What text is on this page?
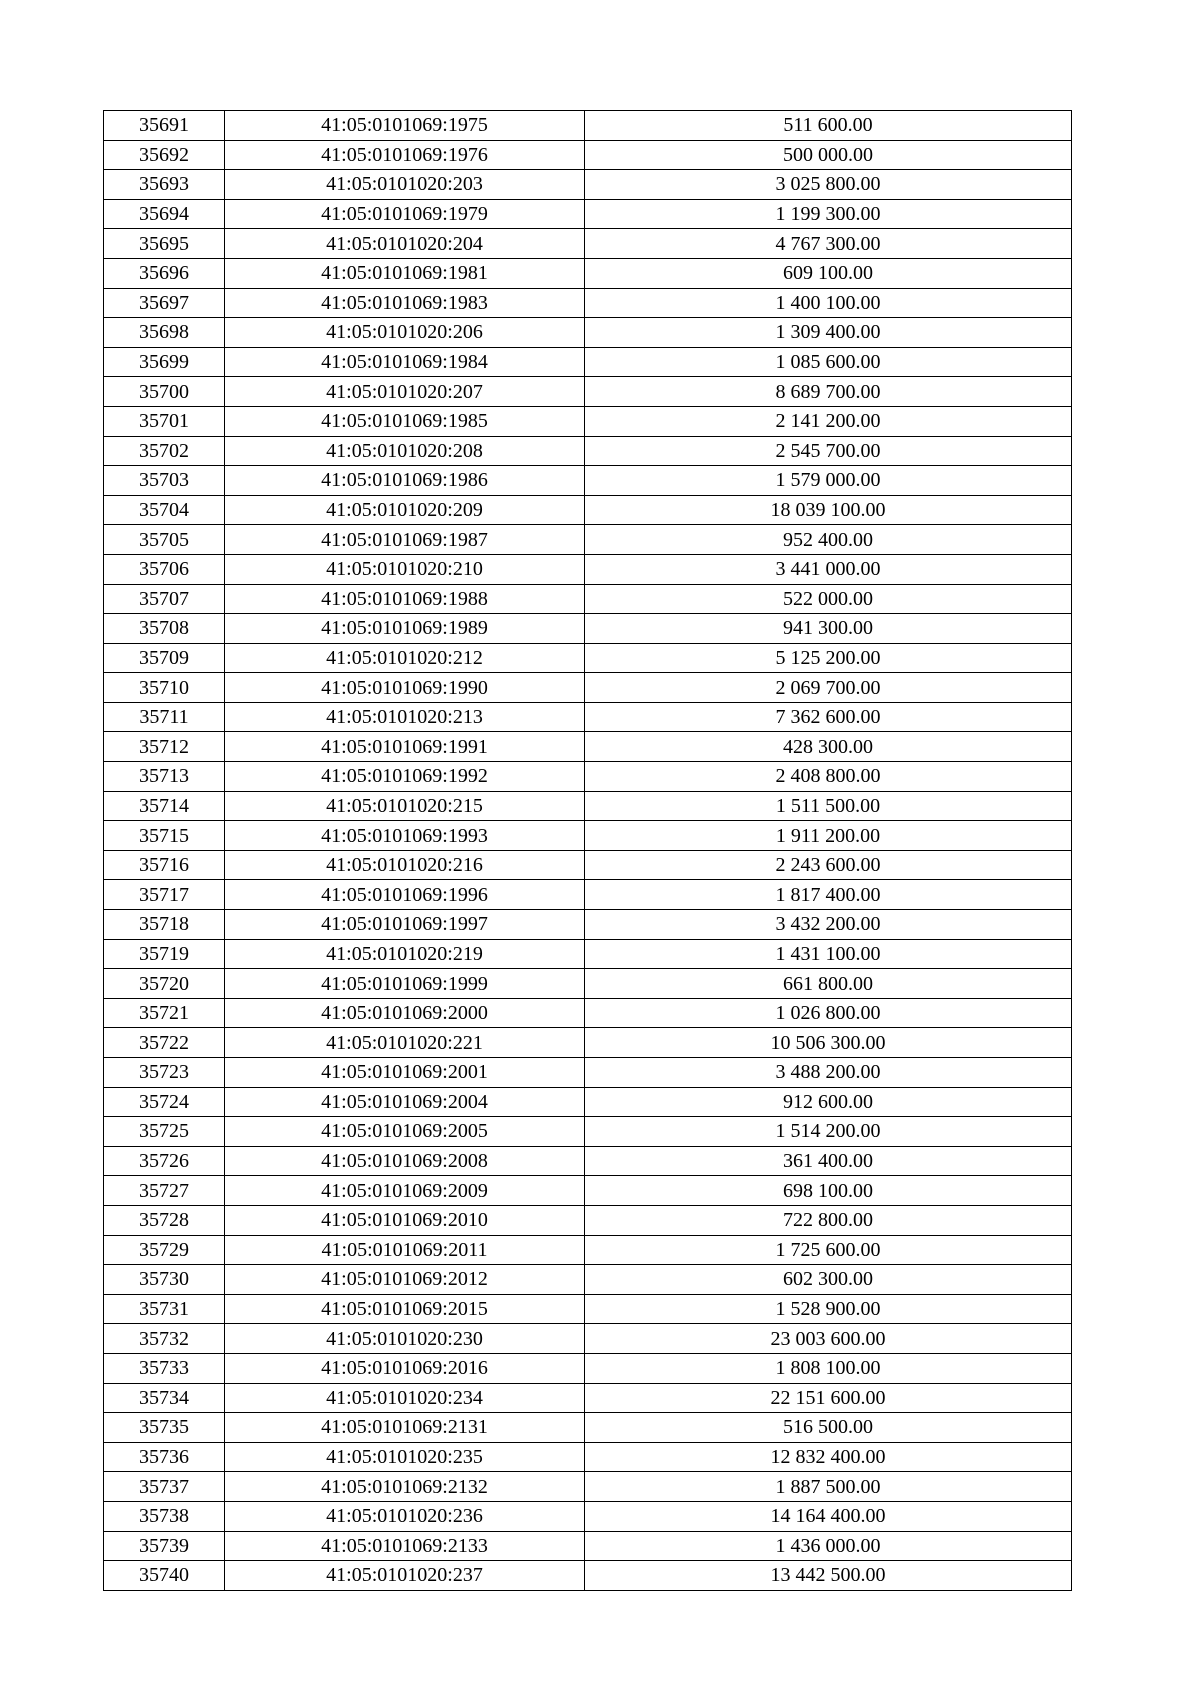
35691	41:05:0101069:1975	511 600.00
35692	41:05:0101069:1976	500 000.00
35693	41:05:0101020:203	3 025 800.00
35694	41:05:0101069:1979	1 199 300.00
35695	41:05:0101020:204	4 767 300.00
35696	41:05:0101069:1981	609 100.00
35697	41:05:0101069:1983	1 400 100.00
35698	41:05:0101020:206	1 309 400.00
35699	41:05:0101069:1984	1 085 600.00
35700	41:05:0101020:207	8 689 700.00
35701	41:05:0101069:1985	2 141 200.00
35702	41:05:0101020:208	2 545 700.00
35703	41:05:0101069:1986	1 579 000.00
35704	41:05:0101020:209	18 039 100.00
35705	41:05:0101069:1987	952 400.00
35706	41:05:0101020:210	3 441 000.00
35707	41:05:0101069:1988	522 000.00
35708	41:05:0101069:1989	941 300.00
35709	41:05:0101020:212	5 125 200.00
35710	41:05:0101069:1990	2 069 700.00
35711	41:05:0101020:213	7 362 600.00
35712	41:05:0101069:1991	428 300.00
35713	41:05:0101069:1992	2 408 800.00
35714	41:05:0101020:215	1 511 500.00
35715	41:05:0101069:1993	1 911 200.00
35716	41:05:0101020:216	2 243 600.00
35717	41:05:0101069:1996	1 817 400.00
35718	41:05:0101069:1997	3 432 200.00
35719	41:05:0101020:219	1 431 100.00
35720	41:05:0101069:1999	661 800.00
35721	41:05:0101069:2000	1 026 800.00
35722	41:05:0101020:221	10 506 300.00
35723	41:05:0101069:2001	3 488 200.00
35724	41:05:0101069:2004	912 600.00
35725	41:05:0101069:2005	1 514 200.00
35726	41:05:0101069:2008	361 400.00
35727	41:05:0101069:2009	698 100.00
35728	41:05:0101069:2010	722 800.00
35729	41:05:0101069:2011	1 725 600.00
35730	41:05:0101069:2012	602 300.00
35731	41:05:0101069:2015	1 528 900.00
35732	41:05:0101020:230	23 003 600.00
35733	41:05:0101069:2016	1 808 100.00
35734	41:05:0101020:234	22 151 600.00
35735	41:05:0101069:2131	516 500.00
35736	41:05:0101020:235	12 832 400.00
35737	41:05:0101069:2132	1 887 500.00
35738	41:05:0101020:236	14 164 400.00
35739	41:05:0101069:2133	1 436 000.00
35740	41:05:0101020:237	13 442 500.00
